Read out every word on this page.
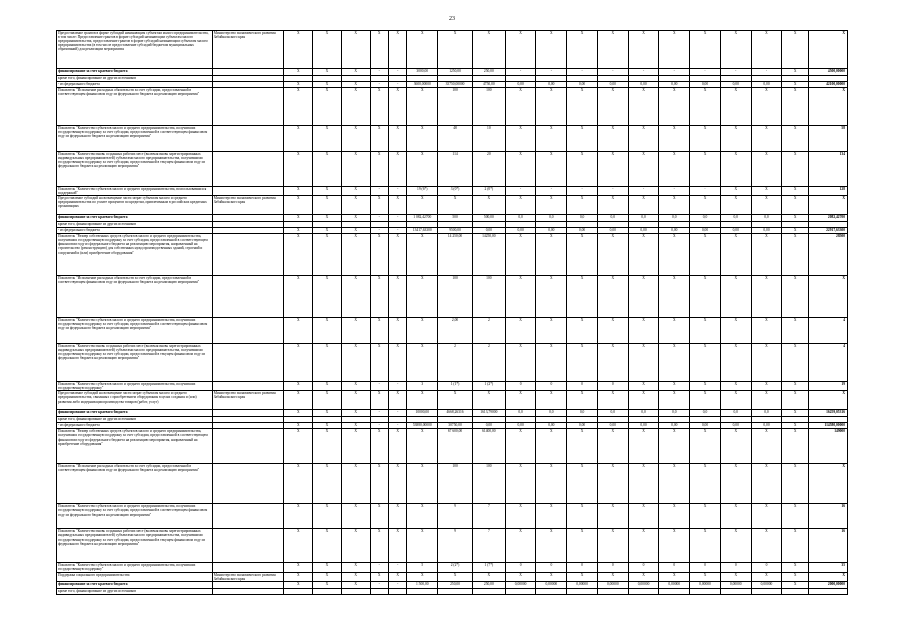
23
Предоставление грантов в форме субсидий начинающим субъектам малого предпринимательства, в том числе: Предоставление грантов в форме субсидий начинающим субъектам малого предпринимательства, предоставление грантов в форме субсидий начинающим субъектам малого предпринимательства (в том числе предоставление субсидий бюджетам муниципальных образований) для реализации мероприятия	Министерство экономического развития Забайкальского края	X	X	X	X	X	X	X	X	X	X	X	X	X	X	X	X	X	X	X
финансирование за счет краевого бюджета		X	X	X	-	-	3000,00	1250,00	250,00	-	-	-	-	-	-	-	-	-	X	4500,00000
кроме того, финансирование из других источников																				
- из федерального бюджета		X	X	X	-	-	3600,00000	35750,00000	4750,00	0,00	0,00	0,00	0,00	0,00	0,00	0,00	0,00	0,00	X	42100,00000
Показатель "Исполнение расходных обязательств за счет субсидии, предоставленной в соответствующем финансовом году из федерального бюджета на реализацию мероприятия"		X	X	X	X	X	X	100	100	X	X	X	X	X	X	X	X	X	X	X
Показатель "Количество субъектов малого и среднего предпринимательства, получивших государственную поддержку за счет субсидии, предоставленной в соответствующем финансовом году из федерального бюджета на реализацию мероприятия"		X	X	X	X	X	X	48	10	X	X	X	X	X	X	X	X	X	X	58
Показатель "Количество вновь созданных рабочих мест (включая вновь зарегистрированных индивидуальных предпринимателей) субъектами малого предпринимательства, получившими государственную поддержку за счет субсидии, предоставленной в текущем финансовом году из федерального бюджета на реализацию мероприятия"		X	X	X	X	X	X	114	20	X	X	X	X	X	X	X	X	X	X	134
Показатель "Количество субъектов малого и среднего предпринимательства, воспользовавшихся поддержкой"		X	X	X	-	-	19 (6*)	3 (0*)	2 (0*)	-	-	-	-	-	-	-	X	X	X	128
Предоставление субсидий на возмещение части затрат субъектам малого и среднего предпринимательства по уплате процентов по кредитам, привлеченным в российских кредитных организациях	Министерство экономического развития Забайкальского края	X	X	X	X	X	X	X	X	X	X	X	X	X	X	X	X	X	X	X
финансирование за счет краевого бюджета		X	X	X	-	-	1 082,42700	500	500,00	0,0	0,0	0,0	0,0	0,0	0,0	0,0	0,0	0,0	X	2082,42700
кроме того, финансирование из других источников																				
- из федерального бюджета		X	X	X	-	-	13417,63300	9500,00	0,00	0,00	0,00	0,00	0,00	0,00	0,00	0,00	0,00	0,00	X	22917,63300
Показатель "Размер собственных средств субъектов малого и среднего предпринимательства, получивших государственную поддержку за счет субсидии, предоставленной в соответствующем финансовом году из федерального бюджета на реализацию мероприятия, направленный на строительство (реконструкцию) для собственных нужд производственных зданий, строений и сооружений и (или) приобретение оборудования"		X	X	X	X	X	X	14 250,00	14250,00	X	X	X	X	X	X	X	X	X	X	28500
Показатель "Исполнение расходных обязательств за счет субсидии, предоставленной в соответствующем финансовом году из федерального бюджета на реализацию мероприятия"		X	X	X	X	X	X	100	100	X	X	X	X	X	X	X	X	X	X	X
Показатель "Количество субъектов малого и среднего предпринимательства, получивших государственную поддержку за счет субсидии, предоставленной в соответствующем финансовом году из федерального бюджета на реализацию мероприятия"		X	X	X	X	X	X	2,00	2	X	X	X	X	X	X	X	X	X	X	4
Показатель "Количество вновь созданных рабочих мест (включая вновь зарегистрированных индивидуальных предпринимателей) субъектами малого предпринимательства, получившими государственную поддержку за счет субсидии, предоставленной в текущем финансовом году из федерального бюджета на реализацию мероприятия"		X	X	X	X	X	X	2	2	X	X	X	X	X	X	X	X	X	X	4
Показатель "Количество субъектов малого и среднего предпринимательства, получивших государственную поддержку"		X	X	X	-	-	3	1 (1*)	1 (2*)	0	0	0	0	X	X	X	X	X	X	19
Предоставление субсидий на возмещение части затрат субъектам малого и среднего предпринимательства, связанных с приобретением оборудования в целях создания и (или) развития либо модернизации производства товаров (работ, услуг)	Министерство экономического развития Забайкальского края	X	X	X	X	X	X	X	X	X	X	X	X	X	X	X	X	X	X	X
финансирование за счет краевого бюджета		X	X	X	-	-	10000,00	4668,26316	1613,79000	0,0	0,0	0,0	0,0	0,0	0,0	0,0	0,0	0,0	X	16259,05316
кроме того, финансирование из других источников																				
- из федерального бюджета		X	X	X	-	-	53880,00000	30750,00	0,00	0,00	0,00	0,00	0,00	0,00	0,00	0,00	0,00	0,00	X	114580,00000
Показатель "Размер собственных средств субъектов малого и среднего предпринимательства, получивших государственную поддержку за счет субсидии, предоставленной в соответствующем финансовом году из федерального бюджета на реализацию мероприятия, направленный на приобретение оборудования"		X	X	X	X	X	X	67 600,00	61400,00	X	X	X	X	X	X	X	X	X	X	149000
Показатель "Исполнение расходных обязательств за счет субсидии, предоставленной в соответствующем финансовом году из федерального бюджета на реализацию мероприятия"		X	X	X	X	X	X	100	100	X	X	X	X	X	X	X	X	X	X	X
Показатель "Количество субъектов малого и среднего предпринимательства, получивших государственную поддержку за счет субсидии, предоставленной в соответствующем финансовом году из федерального бюджета на реализацию мероприятия"		X	X	X	X	X	X	9	7	X	X	X	X	X	X	X	X	X	X	16
Показатель "Количество вновь созданных рабочих мест (включая вновь зарегистрированных индивидуальных предпринимателей) субъектами малого предпринимательства, получившими государственную поддержку за счет субсидии, предоставленной в текущем финансовом году из федерального бюджета на реализацию мероприятия"		X	X	X	X	X	X	9	7	X	X	X	X	X	X	X	X	X	X	16
Показатель "Количество субъектов малого и среднего предпринимательства, получивших государственную поддержку"		X	X	X	-	-	5	2 (2*)	1 (7*)	0	0	0	0	0	0	0	0	0	X	35
Поддержка социального предпринимательства	Министерство экономического развития Забайкальского края	X	X	X	X	X	X	X	X	X	X	X	X	X	X	X	X	X	X	X
финансирование за счет краевого бюджета		X	X	X	-	-	1 500,00	250,00	250,00	0,00000	0,00000	0,00000	0,00000	0,00000	0,00000	0,00000	0,00000	0,00000	X	2000,00000
кроме того, финансирование из других источников																				
